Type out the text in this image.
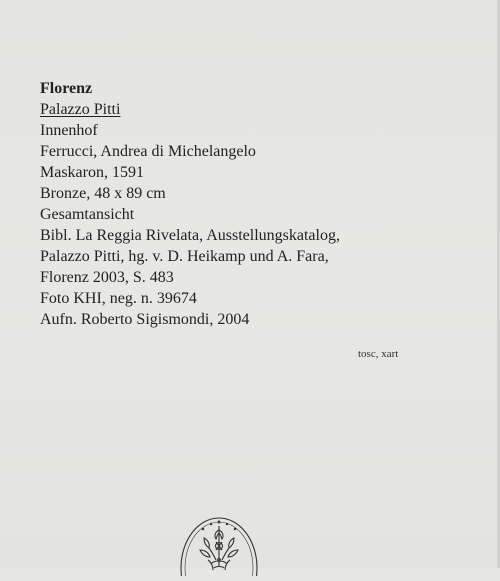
Florenz
Palazzo Pitti
Innenhof
Ferrucci, Andrea di Michelangelo
Maskaron, 1591
Bronze, 48 x 89 cm
Gesamtansicht
Bibl. La Reggia Rivelata, Ausstellungskatalog,
Palazzo Pitti, hg. v. D. Heikamp und A. Fara,
Florenz 2003, S. 483
Foto KHI, neg. n. 39674
Aufn. Roberto Sigismondi, 2004
tosc, xart
